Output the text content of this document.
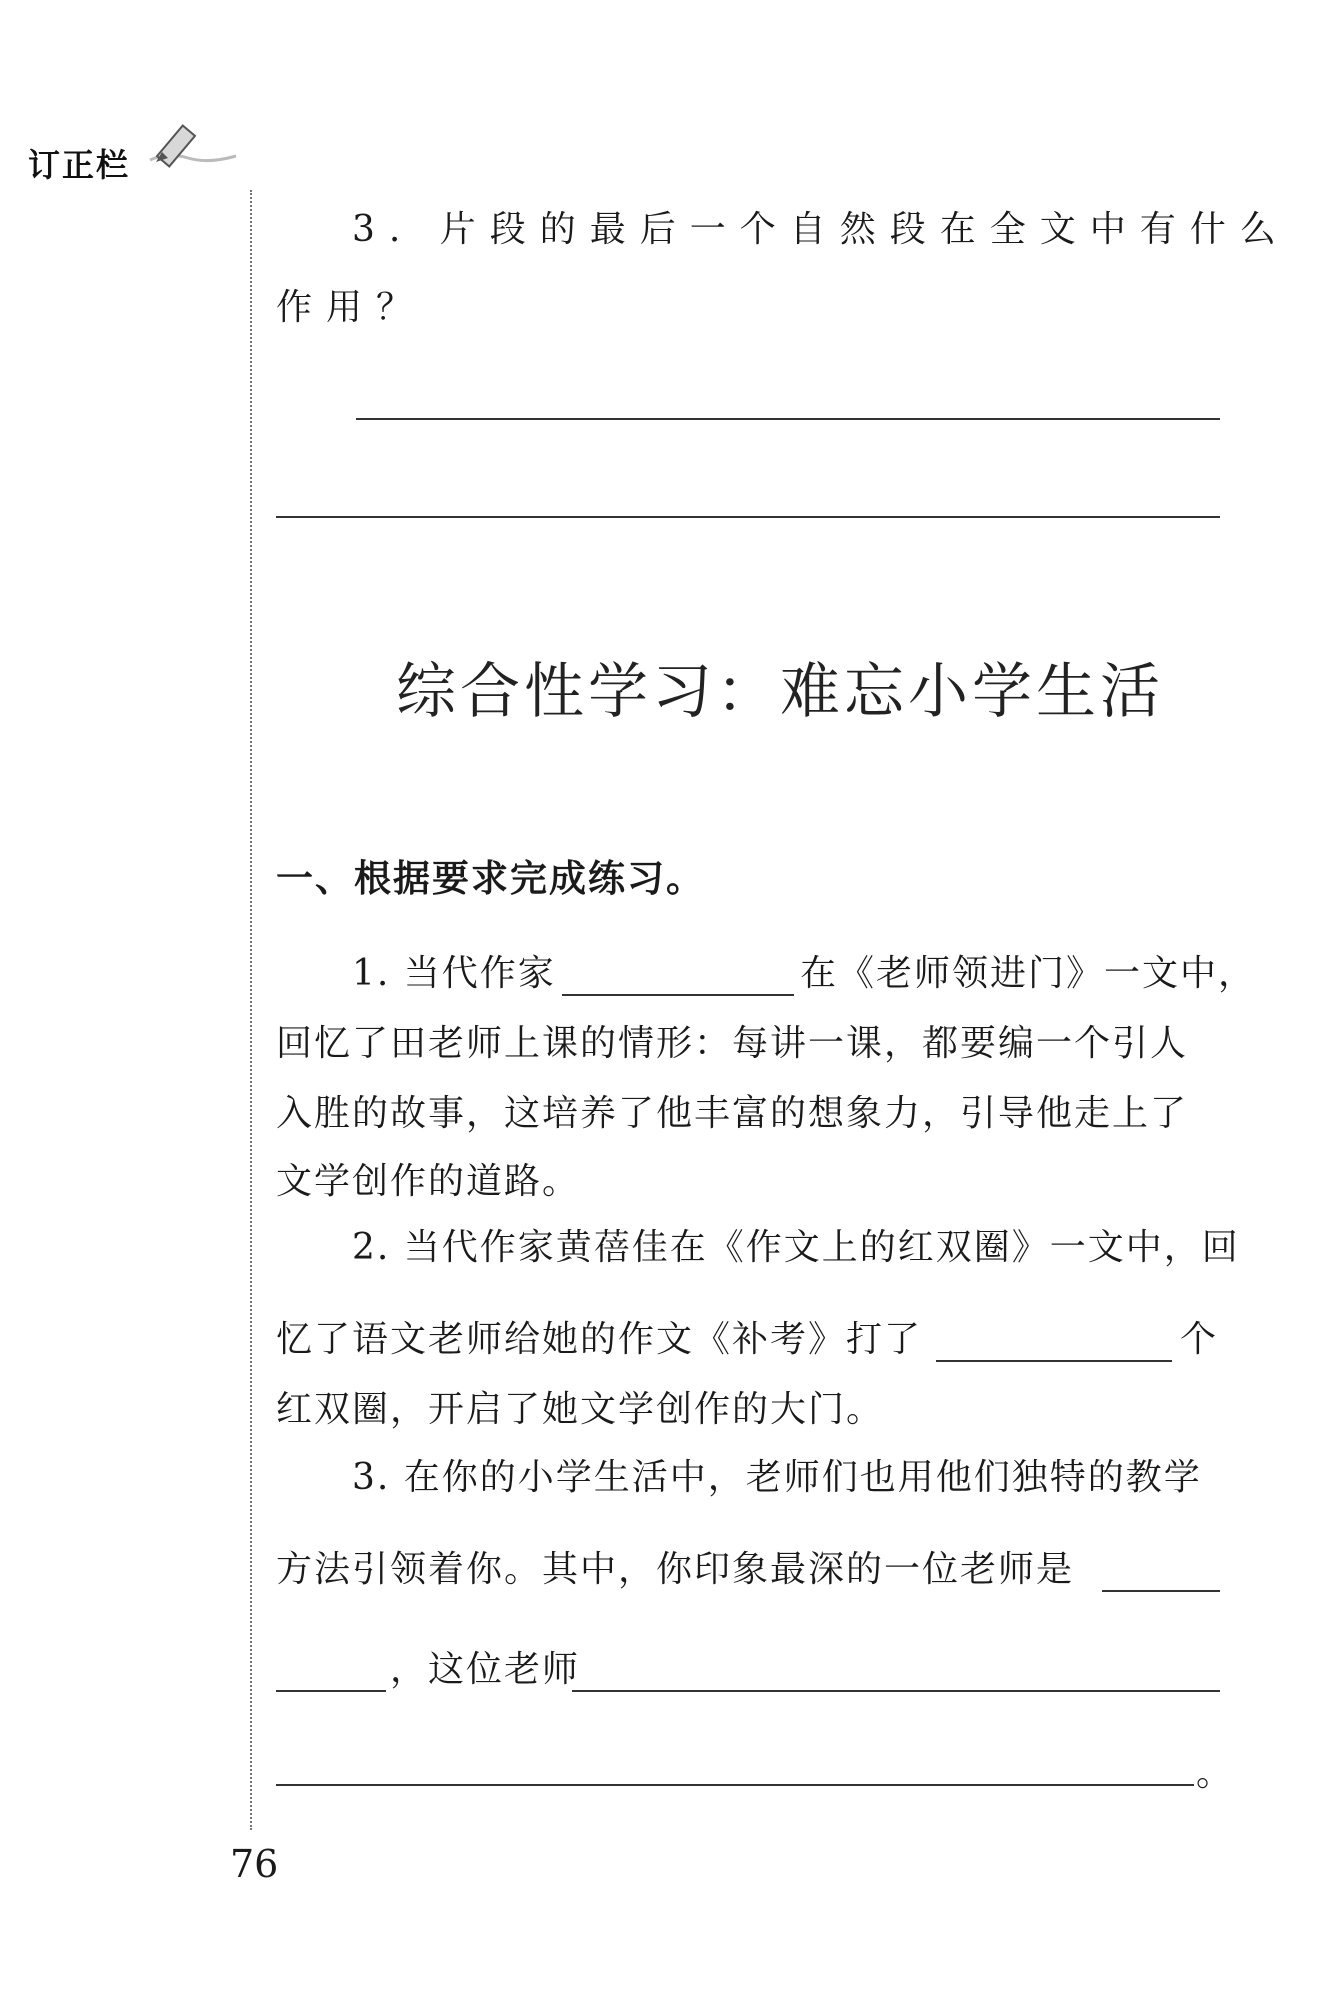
订正栏
3. 片段的最后一个自然段在全文中有什么
作用？
综合性学习：难忘小学生活
一、根据要求完成练习。
1. 当代作家	在《老师领进门》一文中，
回忆了田老师上课的情形：每讲一课，都要编一个引人
入胜的故事，这培养了他丰富的想象力，引导他走上了
文学创作的道路。
2. 当代作家黄蓓佳在《作文上的红双圈》一文中，回
忆了语文老师给她的作文《补考》打了	个
红双圈，开启了她文学创作的大门。
3. 在你的小学生活中，老师们也用他们独特的教学
方法引领着你。其中，你印象最深的一位老师是
，这位老师
。
76
